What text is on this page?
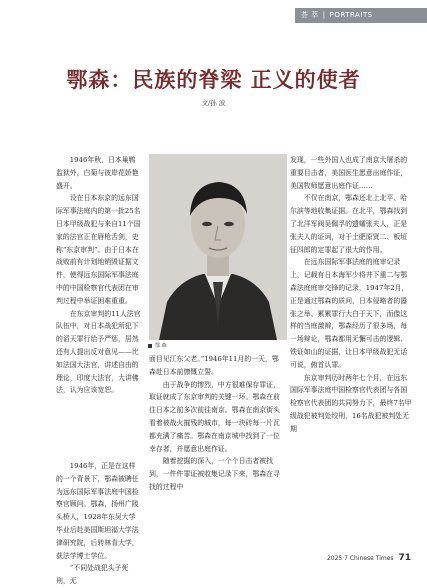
荟 萃 | PORTRAITS
鄂森：民族的脊梁 正义的使者
文/孙 波

1946年秋，日本巢鸭监狱外，白菊与彼岸花娇艳盛开。

设在日本东京的远东国际军事法庭内的第一批25名日本甲级战犯与来自11个国家的法官正在唇枪舌剑，史称“东京审判”。由于日本在战败前有计划地销毁证据文件，使得远东国际军事法庭中的中国检察官代表团在审判过程中举证困难重重。

在东京审判的11人法官队伍中，对日本战犯所犯下的滔天罪行给予严惩，居然还有人提出反对意见——比如法国大法官，讲述自由的理论，印度大法官，大讲佛法，认为应该宽恕。

1946年，正是在这样的一个背景下，鄂森被聘任为远东国际军事法庭中国检察官顾问。鄂森，扬州广陵头桥人，1928年东吴大学毕业后赴美国斯坦福大学法律研究院，后转林肯大学，获法学博士学位。

“不同处战犯头子死刑，无

鄂 森

面目见江东父老。”1946年11月的一天，鄂森赴日本前慷慨立誓。

由于战争的惨烈，中方很难保存罪证，取证就成了东京审判的关键一环。鄂森在前往日本之前多次前往南京。鄂森在南京街头看着被战火摧残的城市，每一块砖每一片瓦都充满了痛苦。鄂森在南京城中找到了一位幸存者，并愿意出庭作证。

随着挖掘的深入，一个个日击者被找到，一件件罪证被收集记录下来，鄂森在寻找的过程中

发现，一些外国人也成了南京大屠杀的重要目击者，美国医生愿意出庭作证，美国牧师愿意出庭作证……

不仅在南京，鄂森还北上北平、哈尔滨等地收集证据。在北平，鄂森找到了北洋军阀吴佩孚的遗孀张夫人，正是张夫人的证词，对于土肥原贤二、板垣征四郎的定罪起了很大的作用。

在远东国际军事法庭的庭审记录上，记载有日本海军少将井下重二与鄂森法庭庭审交锋的记录，1947年2月，正是通过鄂森的质问，日本侵略者的嚣张之举、累累罪行大白于天下，而像这样的当庭激辩，鄂森经历了很多场，每一场辩论，鄂森都用无懈可击的逻辑、铁证如山的证据，让日本甲级战犯无话可说，俯首认罪。

东京审判历时两年七个月，在远东国际军事法庭中国检察官代表团与各国检察官代表团的共同努力下，最终7名甲级战犯被判处绞刑，16名战犯被判处无期

2025·7 Chinese Times 71
